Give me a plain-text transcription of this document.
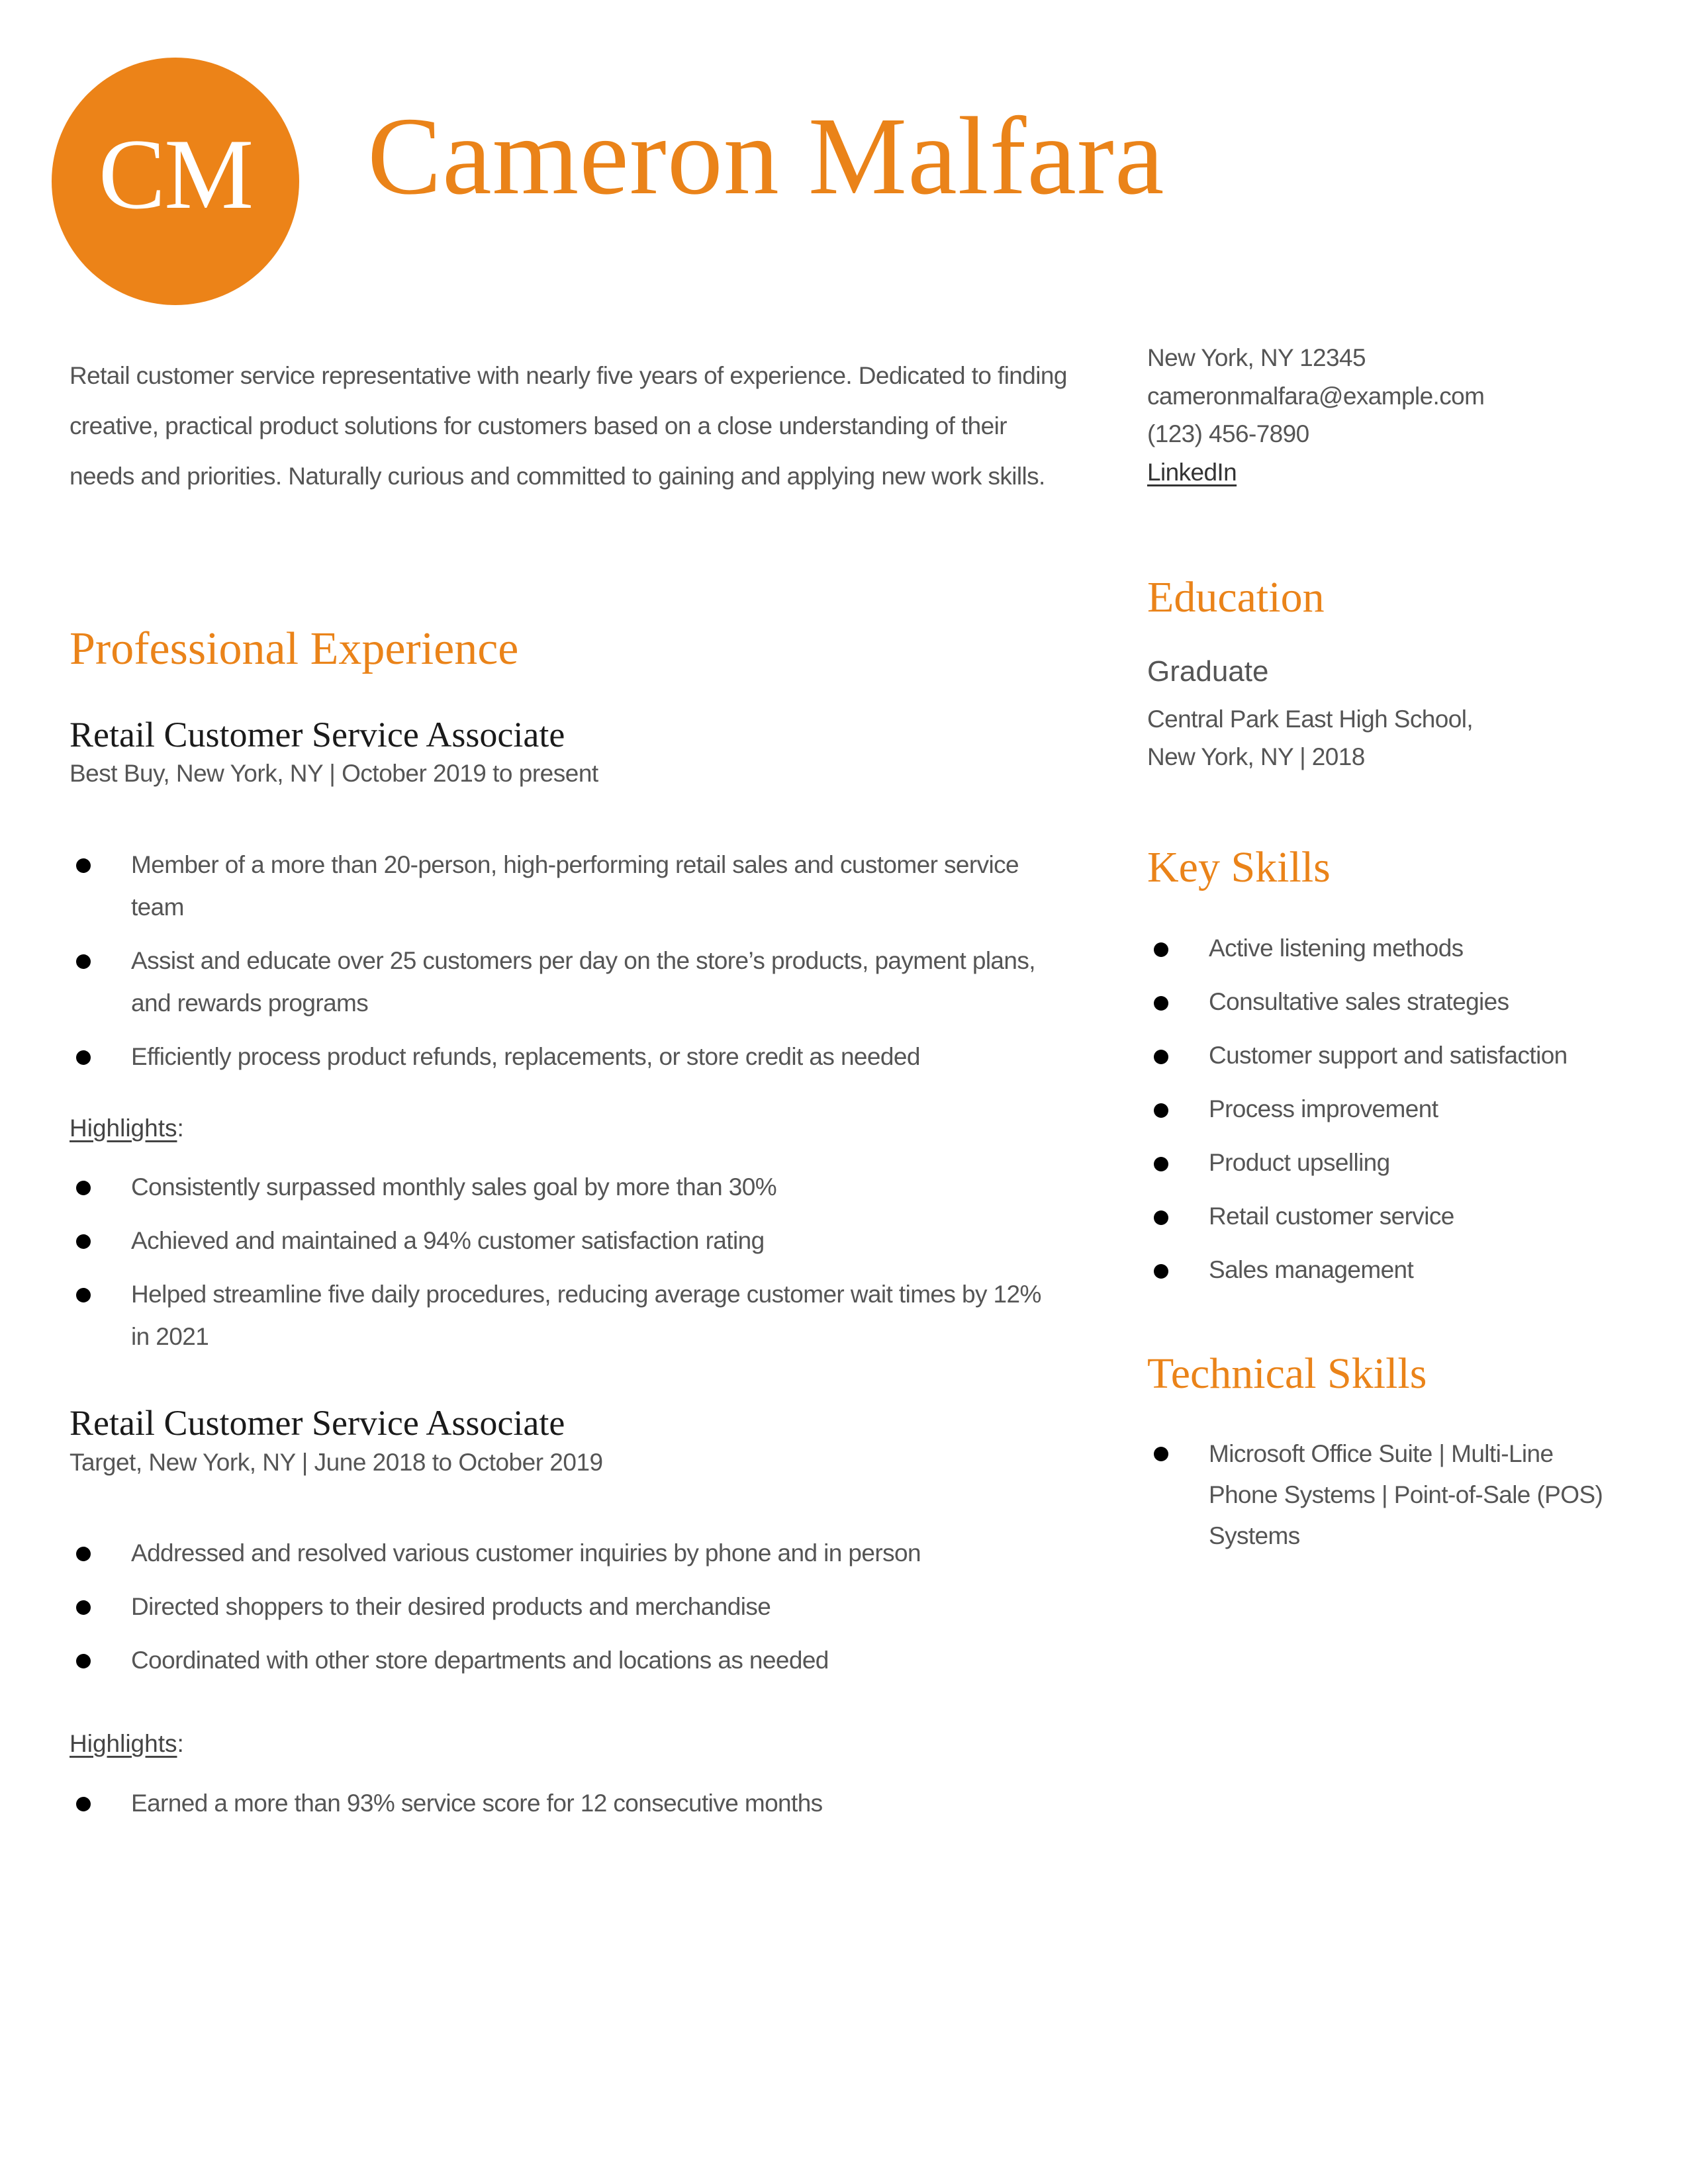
CM Cameron Malfara
Retail customer service representative with nearly five years of experience. Dedicated to finding creative, practical product solutions for customers based on a close understanding of their needs and priorities. Naturally curious and committed to gaining and applying new work skills.
New York, NY 12345
cameronmalfara@example.com
(123) 456-7890
LinkedIn
Professional Experience
Retail Customer Service Associate
Best Buy, New York, NY | October 2019 to present
Member of a more than 20-person, high-performing retail sales and customer service team
Assist and educate over 25 customers per day on the store’s products, payment plans, and rewards programs
Efficiently process product refunds, replacements, or store credit as needed
Highlights:
Consistently surpassed monthly sales goal by more than 30%
Achieved and maintained a 94% customer satisfaction rating
Helped streamline five daily procedures, reducing average customer wait times by 12% in 2021
Retail Customer Service Associate
Target, New York, NY | June 2018 to October 2019
Addressed and resolved various customer inquiries by phone and in person
Directed shoppers to their desired products and merchandise
Coordinated with other store departments and locations as needed
Highlights:
Earned a more than 93% service score for 12 consecutive months
Education
Graduate
Central Park East High School,
New York, NY | 2018
Key Skills
Active listening methods
Consultative sales strategies
Customer support and satisfaction
Process improvement
Product upselling
Retail customer service
Sales management
Technical Skills
Microsoft Office Suite | Multi-Line Phone Systems | Point-of-Sale (POS) Systems
